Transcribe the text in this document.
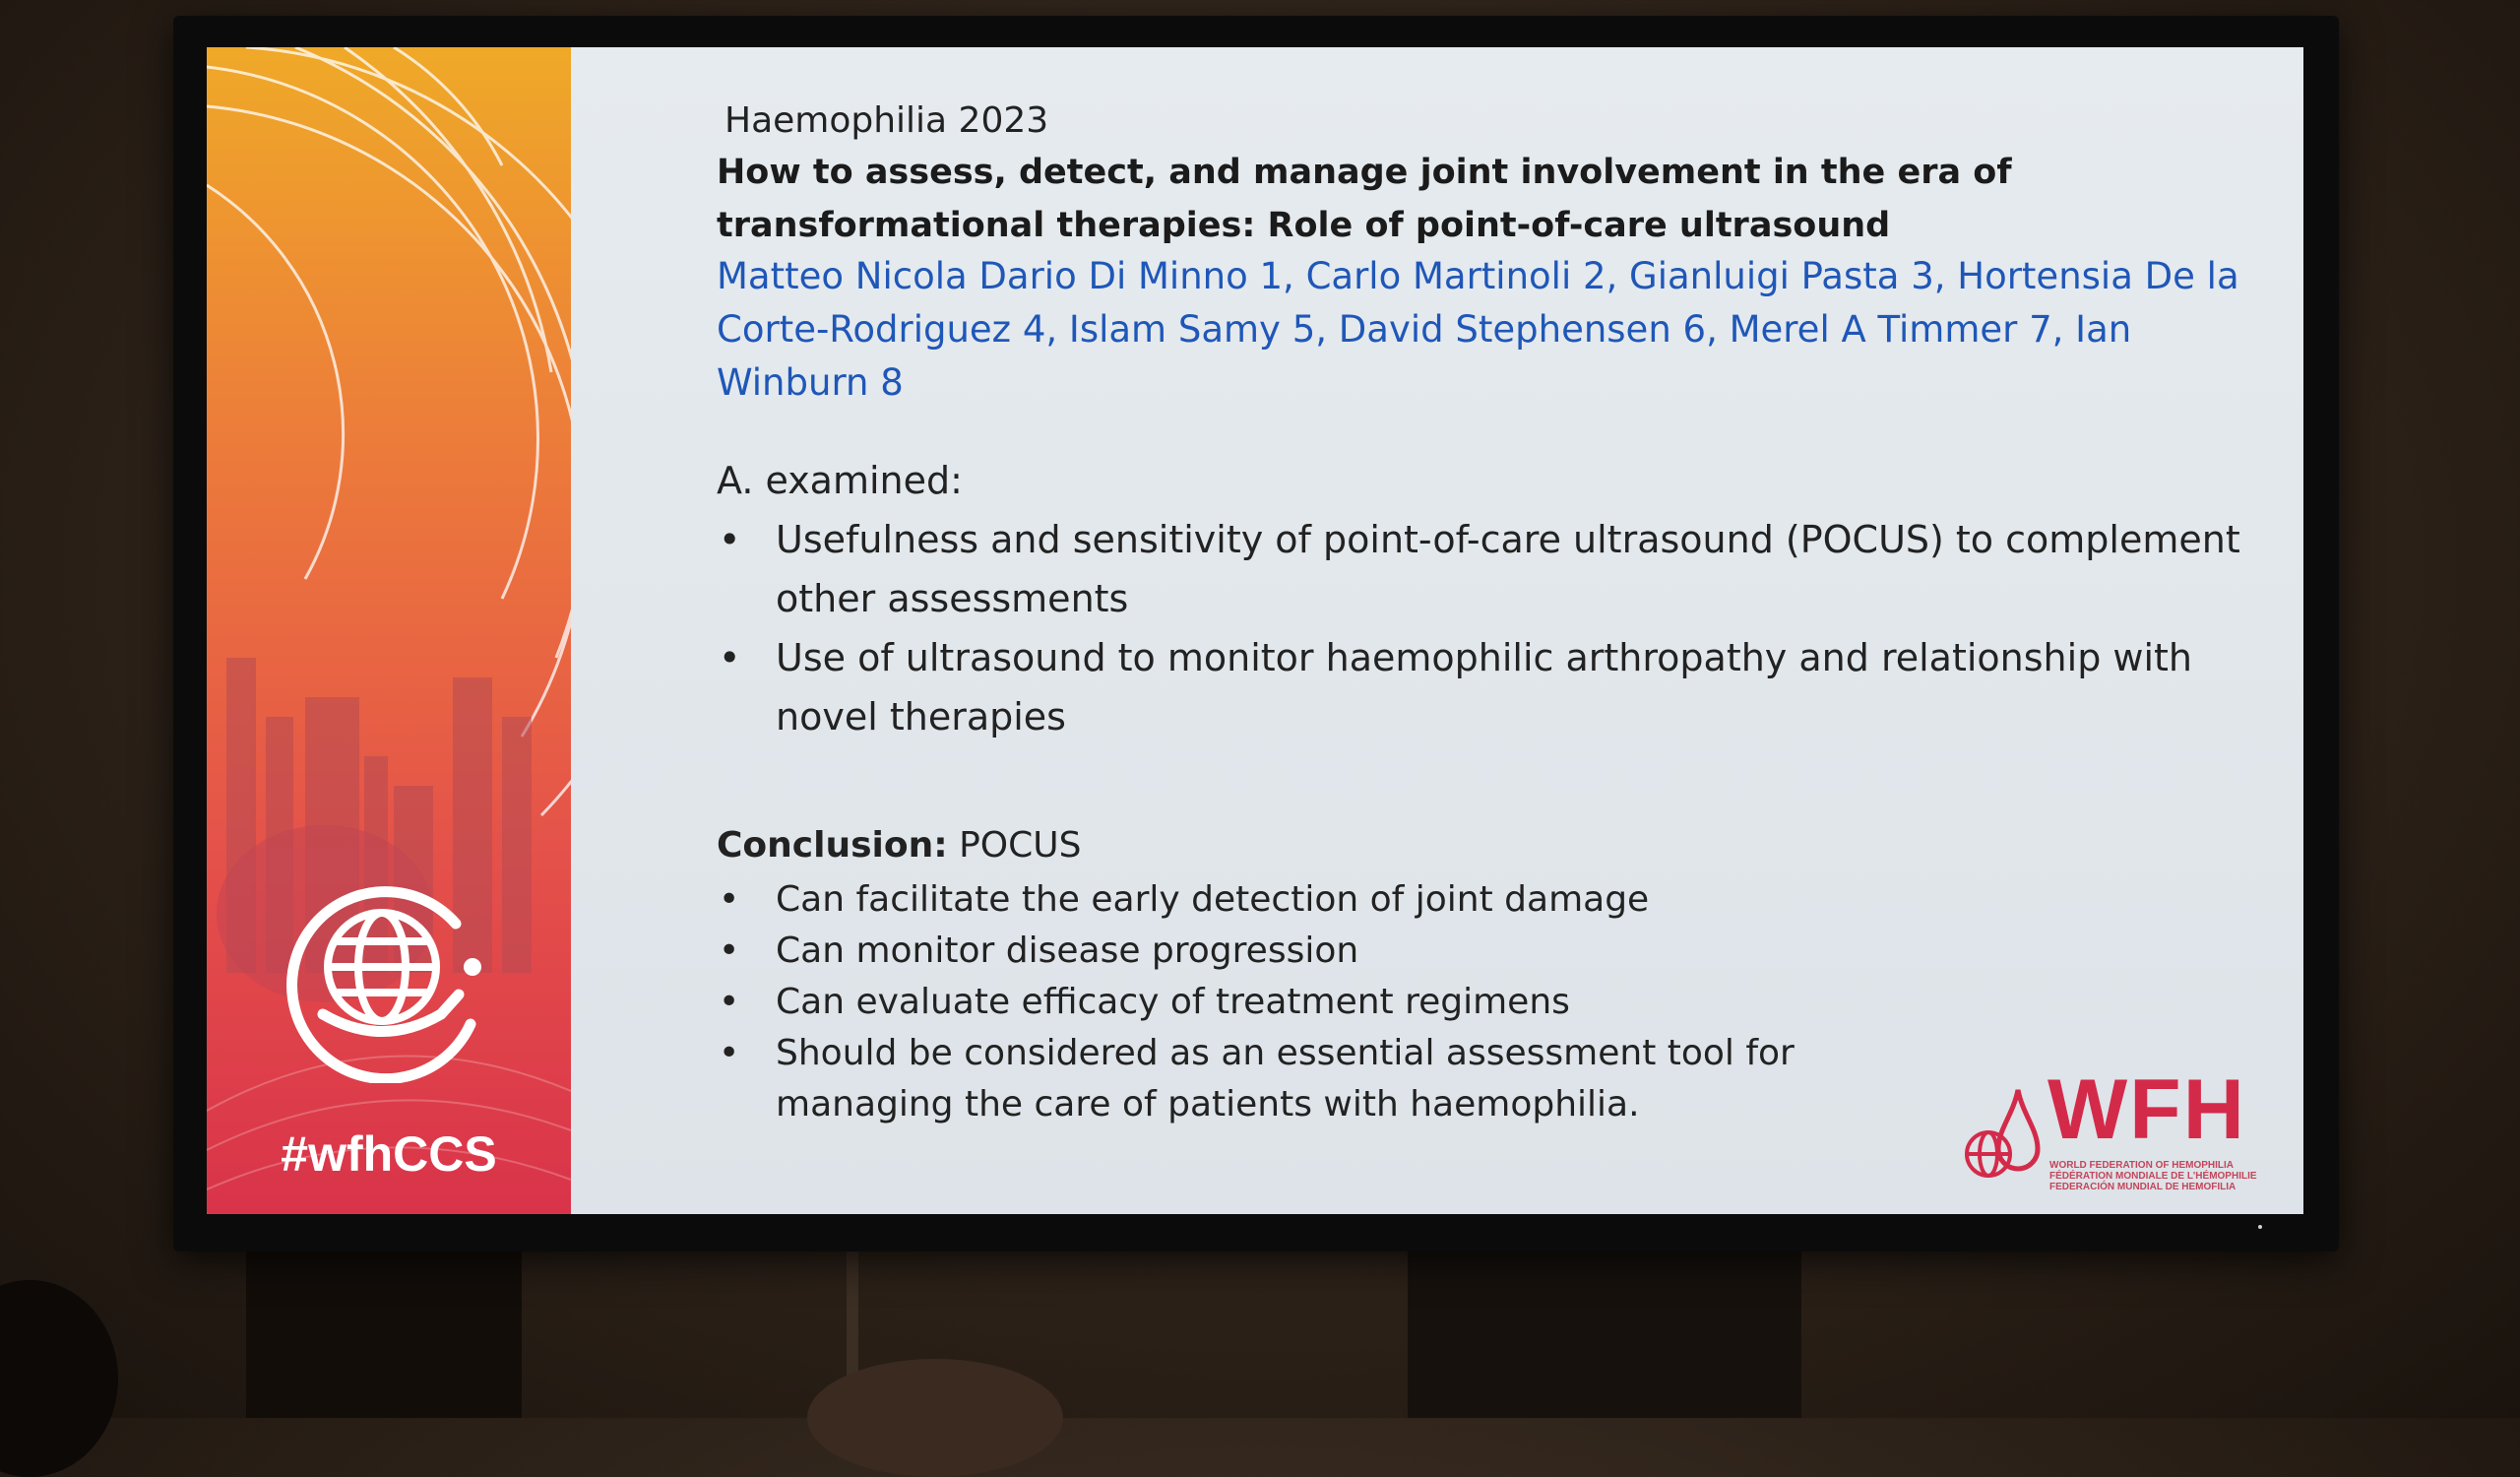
#wfhCCS
Haemophilia 2023
How to assess, detect, and manage joint involvement in the era of transformational therapies: Role of point-of-care ultrasound
Matteo Nicola Dario Di Minno 1, Carlo Martinoli 2, Gianluigi Pasta 3, Hortensia De la Corte-Rodriguez 4, Islam Samy 5, David Stephensen 6, Merel A Timmer 7, Ian Winburn 8
A. examined:
• Usefulness and sensitivity of point-of-care ultrasound (POCUS) to complement other assessments
• Use of ultrasound to monitor haemophilic arthropathy and relationship with novel therapies
Conclusion: POCUS
• Can facilitate the early detection of joint damage
• Can monitor disease progression
• Can evaluate efficacy of treatment regimens
• Should be considered as an essential assessment tool for managing the care of patients with haemophilia.	WFH
WORLD FEDERATION OF HEMOPHILIA
FÉDÉRATION MONDIALE DE L'HÉMOPHILIE
FEDERACIÓN MUNDIAL DE HEMOFILIA
